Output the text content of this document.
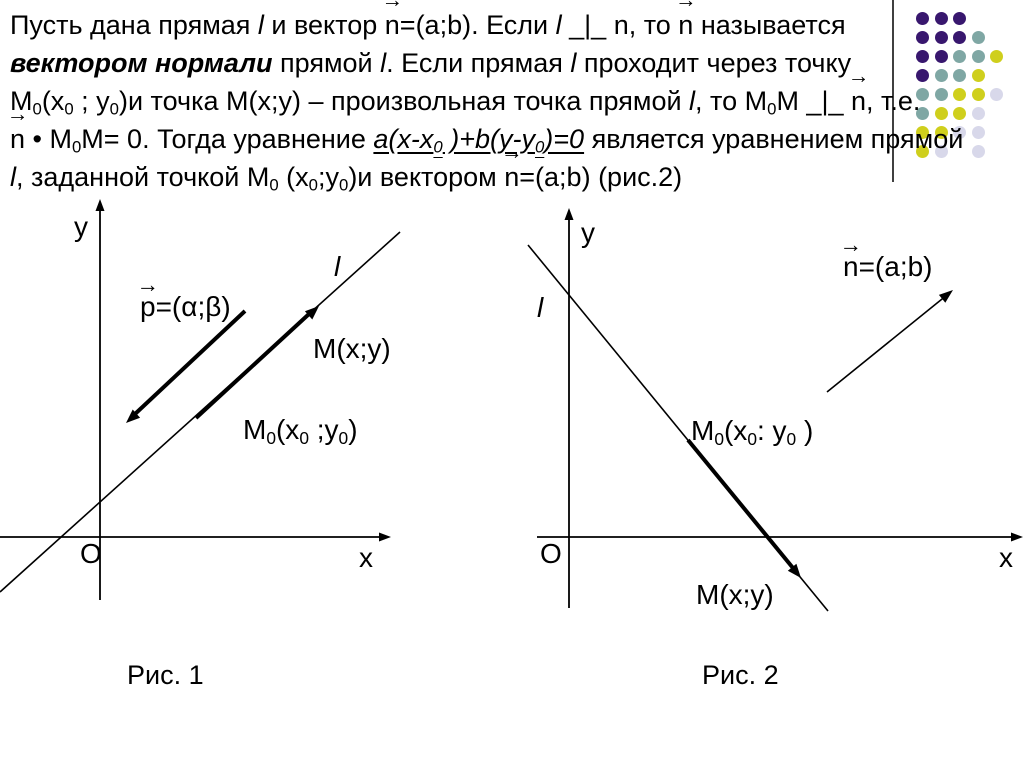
Пусть дана прямая l и вектор n →=(a;b). Если l _|_ n, то n → называется
вектором нормали прямой l. Если прямая l проходит через точку
$М_0(x_0$ ; $y_0)и$ точка М(x;y) – произвольная точка прямой l, то $М_0М$ _|_ n →, т.е.
n → • $М_0М= 0$. Тогда уравнение $a(x-x_0$ )$+b(y-y_0)=0$ является уравнением прямой
l, заданной точкой $М_0$ $(x_0;y_0)и$ вектором n →=(a;b) (рис.2)
y
l
p →=(α;β)
M(x;y)
$М_0(x_0$ $;y_0$)
O	x
Рис. 1
y
l
n →=(a;b)
$М_0(x_0$: $y_0$ )
M(x;y)
O	x
Рис. 2
